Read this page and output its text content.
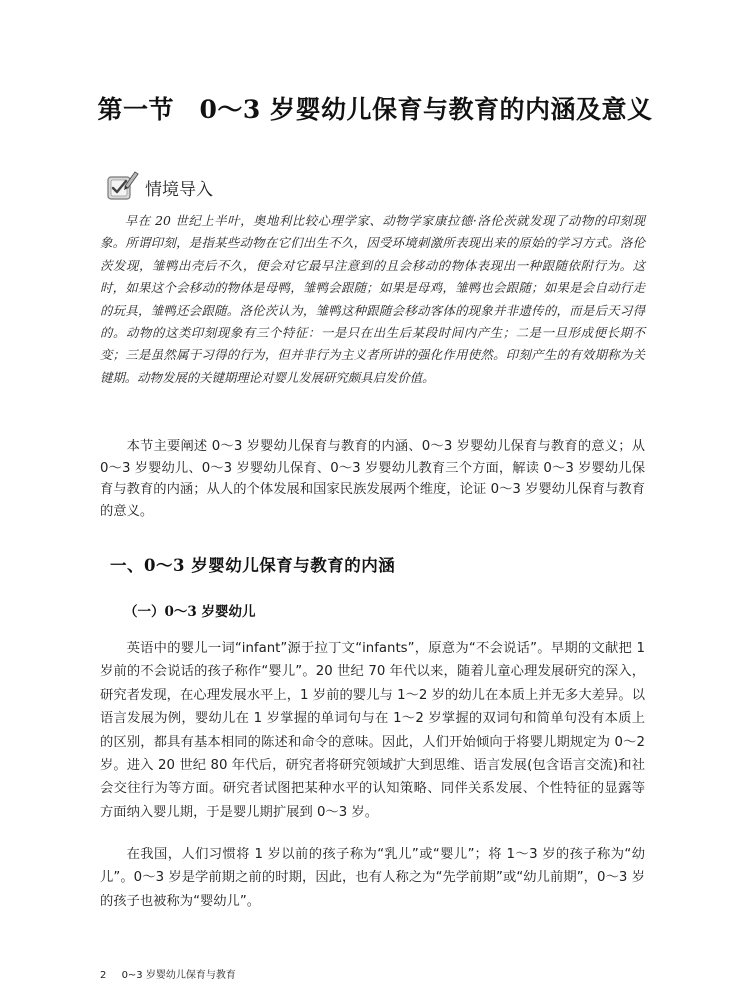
第一节　0～3 岁婴幼儿保育与教育的内涵及意义
情境导入

早在 20 世纪上半叶，奥地利比较心理学家、动物学家康拉德·洛伦茨就发现了动物的印刻现象。所谓印刻，是指某些动物在它们出生不久，因受环境刺激所表现出来的原始的学习方式。洛伦茨发现，雏鸭出壳后不久，便会对它最早注意到的且会移动的物体表现出一种跟随依附行为。这时，如果这个会移动的物体是母鸭，雏鸭会跟随；如果是母鸡，雏鸭也会跟随；如果是会自动行走的玩具，雏鸭还会跟随。洛伦茨认为，雏鸭这种跟随会移动客体的现象并非遗传的，而是后天习得的。动物的这类印刻现象有三个特征：一是只在出生后某段时间内产生；二是一旦形成便长期不变；三是虽然属于习得的行为，但并非行为主义者所讲的强化作用使然。印刻产生的有效期称为关键期。动物发展的关键期理论对婴儿发展研究颇具启发价值。

本节主要阐述 0～3 岁婴幼儿保育与教育的内涵、0～3 岁婴幼儿保育与教育的意义；从 0～3 岁婴幼儿、0～3 岁婴幼儿保育、0～3 岁婴幼儿教育三个方面，解读 0～3 岁婴幼儿保育与教育的内涵；从人的个体发展和国家民族发展两个维度，论证 0～3 岁婴幼儿保育与教育的意义。

一、0～3 岁婴幼儿保育与教育的内涵
（一）0～3 岁婴幼儿

英语中的婴儿一词“infant”源于拉丁文“infants”，原意为“不会说话”。早期的文献把 1 岁前的不会说话的孩子称作“婴儿”。20 世纪 70 年代以来，随着儿童心理发展研究的深入，研究者发现，在心理发展水平上，1 岁前的婴儿与 1～2 岁的幼儿在本质上并无多大差异。以语言发展为例，婴幼儿在 1 岁掌握的单词句与在 1～2 岁掌握的双词句和简单句没有本质上的区别，都具有基本相同的陈述和命令的意味。因此，人们开始倾向于将婴儿期规定为 0～2 岁。进入 20 世纪 80 年代后，研究者将研究领域扩大到思维、语言发展(包含语言交流)和社会交往行为等方面。研究者试图把某种水平的认知策略、同伴关系发展、个性特征的显露等方面纳入婴儿期，于是婴儿期扩展到 0～3 岁。

在我国，人们习惯将 1 岁以前的孩子称为“乳儿”或“婴儿”；将 1～3 岁的孩子称为“幼儿”。0～3 岁是学前期之前的时期，因此，也有人称之为“先学前期”或“幼儿前期”，0～3 岁的孩子也被称为“婴幼儿”。

2 0~3 岁婴幼儿保育与教育
